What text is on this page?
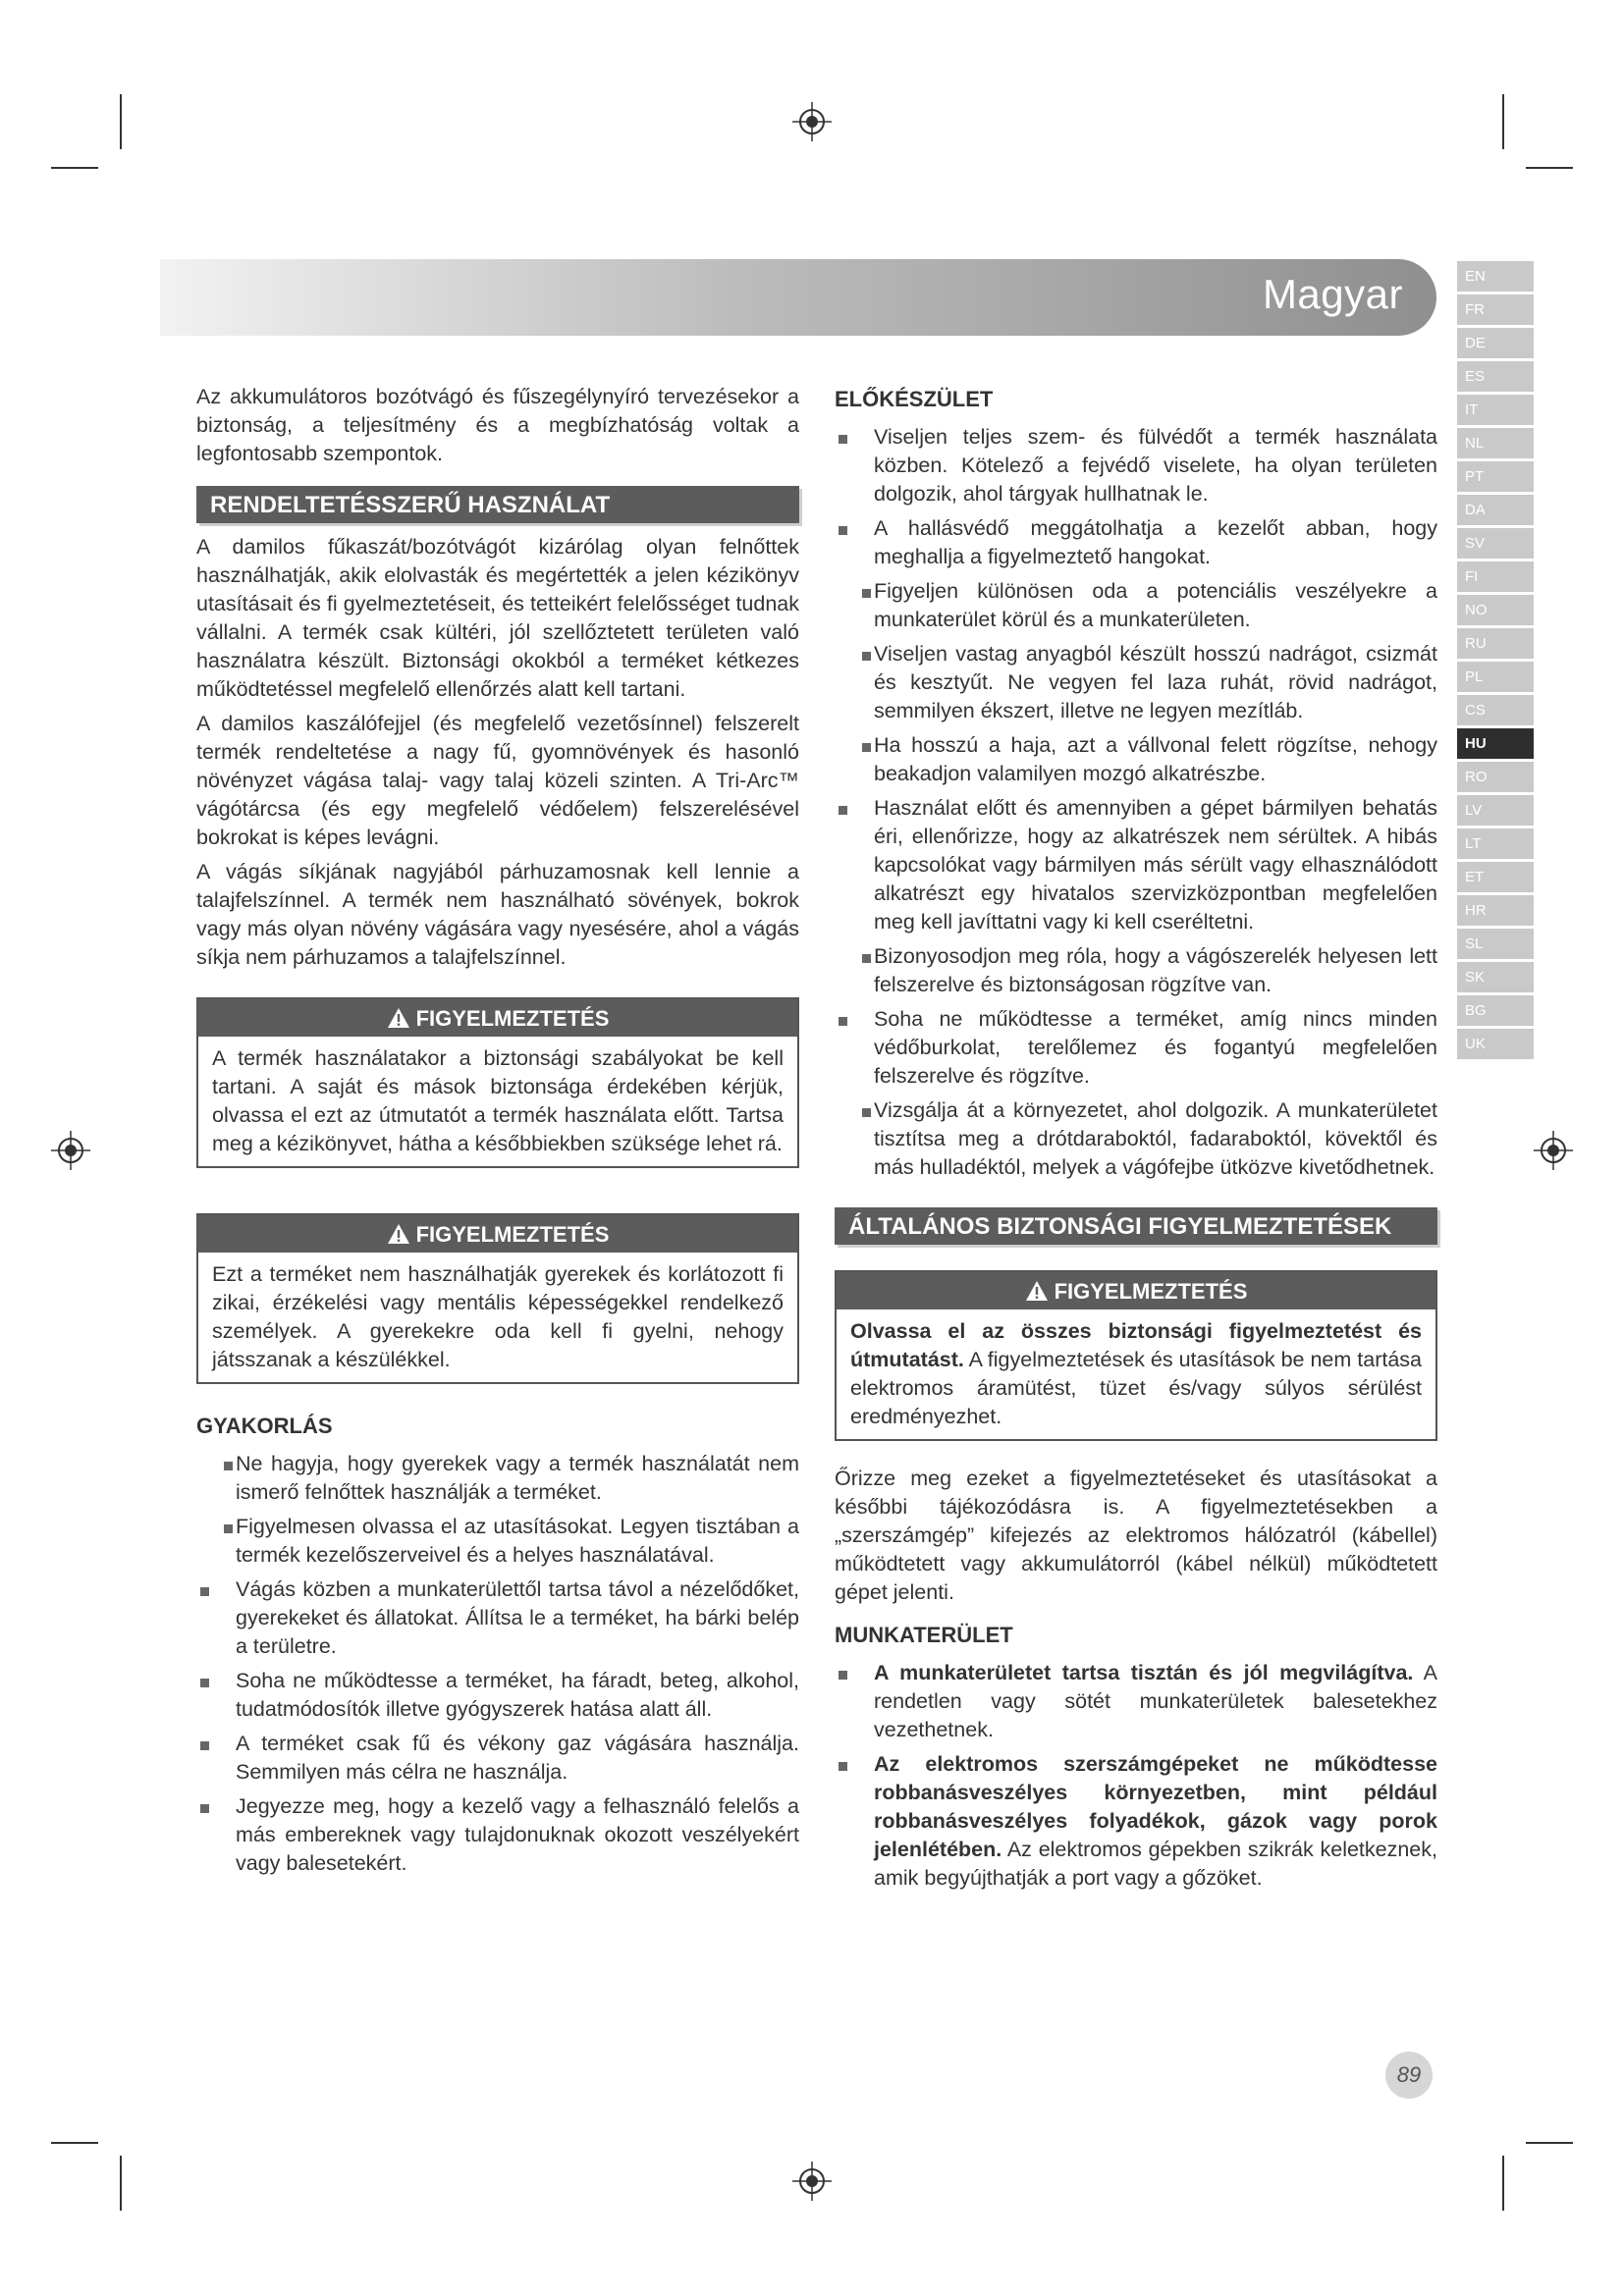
Magyar	EN
FR
DE
ES
IT
NL
PT
DA
SV
FI
NO
RU
PL
CS
HU
RO
LV
LT
ET
HR
SL
SK
BG
UK

Az akkumulátoros bozótvágó és fűszegélynyíró tervezésekor a biztonság, a teljesítmény és a megbízhatóság voltak a legfontosabb szempontok.

RENDELTETÉSSZERŰ HASZNÁLAT

A damilos fűkaszát/bozótvágót kizárólag olyan felnőttek használhatják, akik elolvasták és megértették a jelen kézikönyv utasításait és fi gyelmeztetéseit, és tetteikért felelősséget tudnak vállalni. A termék csak kültéri, jól szellőztetett területen való használatra készült. Biztonsági okokból a terméket kétkezes működtetéssel megfelelő ellenőrzés alatt kell tartani.

A damilos kaszálófejjel (és megfelelő vezetősínnel) felszerelt termék rendeltetése a nagy fű, gyomnövények és hasonló növényzet vágása talaj- vagy talaj közeli szinten. A Tri-Arc™ vágótárcsa (és egy megfelelő védőelem) felszerelésével bokrokat is képes levágni.

A vágás síkjának nagyjából párhuzamosnak kell lennie a talajfelszínnel. A termék nem használható sövények, bokrok vagy más olyan növény vágására vagy nyesésére, ahol a vágás síkja nem párhuzamos a talajfelszínnel.

FIGYELMEZTETÉS
A termék használatakor a biztonsági szabályokat be kell tartani. A saját és mások biztonsága érdekében kérjük, olvassa el ezt az útmutatót a termék használata előtt. Tartsa meg a kézikönyvet, hátha a későbbiekben szüksége lehet rá.
FIGYELMEZTETÉS
Ezt a terméket nem használhatják gyerekek és korlátozott fi zikai, érzékelési vagy mentális képességekkel rendelkező személyek. A gyerekekre oda kell fi gyelni, nehogy játsszanak a készülékkel.
GYAKORLÁS
Ne hagyja, hogy gyerekek vagy a termék használatát nem ismerő felnőttek használják a terméket.
Figyelmesen olvassa el az utasításokat. Legyen tisztában a termék kezelőszerveivel és a helyes használatával.
Vágás közben a munkaterülettől tartsa távol a nézelődőket, gyerekeket és állatokat. Állítsa le a terméket, ha bárki belép a területre.
Soha ne működtesse a terméket, ha fáradt, beteg, alkohol, tudatmódosítók illetve gyógyszerek hatása alatt áll.
A terméket csak fű és vékony gaz vágására használja. Semmilyen más célra ne használja.
Jegyezze meg, hogy a kezelő vagy a felhasználó felelős a más embereknek vagy tulajdonuknak okozott veszélyekért vagy balesetekért.
ELŐKÉSZÜLET
Viseljen teljes szem- és fülvédőt a termék használata közben. Kötelező a fejvédő viselete, ha olyan területen dolgozik, ahol tárgyak hullhatnak le.
A hallásvédő meggátolhatja a kezelőt abban, hogy meghallja a figyelmeztető hangokat.
Figyeljen különösen oda a potenciális veszélyekre a munkaterület körül és a munkaterületen.
Viseljen vastag anyagból készült hosszú nadrágot, csizmát és kesztyűt. Ne vegyen fel laza ruhát, rövid nadrágot, semmilyen ékszert, illetve ne legyen mezítláb.
Ha hosszú a haja, azt a vállvonal felett rögzítse, nehogy beakadjon valamilyen mozgó alkatrészbe.
Használat előtt és amennyiben a gépet bármilyen behatás éri, ellenőrizze, hogy az alkatrészek nem sérültek. A hibás kapcsolókat vagy bármilyen más sérült vagy elhasználódott alkatrészt egy hivatalos szervizközpontban megfelelően meg kell javíttatni vagy ki kell cseréltetni.
Bizonyosodjon meg róla, hogy a vágószerelék helyesen lett felszerelve és biztonságosan rögzítve van.
Soha ne működtesse a terméket, amíg nincs minden védőburkolat, terelőlemez és fogantyú megfelelően felszerelve és rögzítve.
Vizsgálja át a környezetet, ahol dolgozik. A munkaterületet tisztítsa meg a drótdaraboktól, fadaraboktól, kövektől és más hulladéktól, melyek a vágófejbe ütközve kivetődhetnek.
ÁLTALÁNOS BIZTONSÁGI FIGYELMEZTETÉSEK
FIGYELMEZTETÉS
Olvassa el az összes biztonsági figyelmeztetést és útmutatást. A figyelmeztetések és utasítások be nem tartása elektromos áramütést, tüzet és/vagy súlyos sérülést eredményezhet.

Őrizze meg ezeket a figyelmeztetéseket és utasításokat a későbbi tájékozódásra is. A figyelmeztetésekben a „szerszámgép” kifejezés az elektromos hálózatról (kábellel) működtetett vagy akkumulátorról (kábel nélkül) működtetett gépet jelenti.

MUNKATERÜLET
A munkaterületet tartsa tisztán és jól megvilágítva. A rendetlen vagy sötét munkaterületek balesetekhez vezethetnek.
Az elektromos szerszámgépeket ne működtesse robbanásveszélyes környezetben, mint például robbanásveszélyes folyadékok, gázok vagy porok jelenlétében. Az elektromos gépekben szikrák keletkeznek, amik begyújthatják a port vagy a gőzöket.
89
